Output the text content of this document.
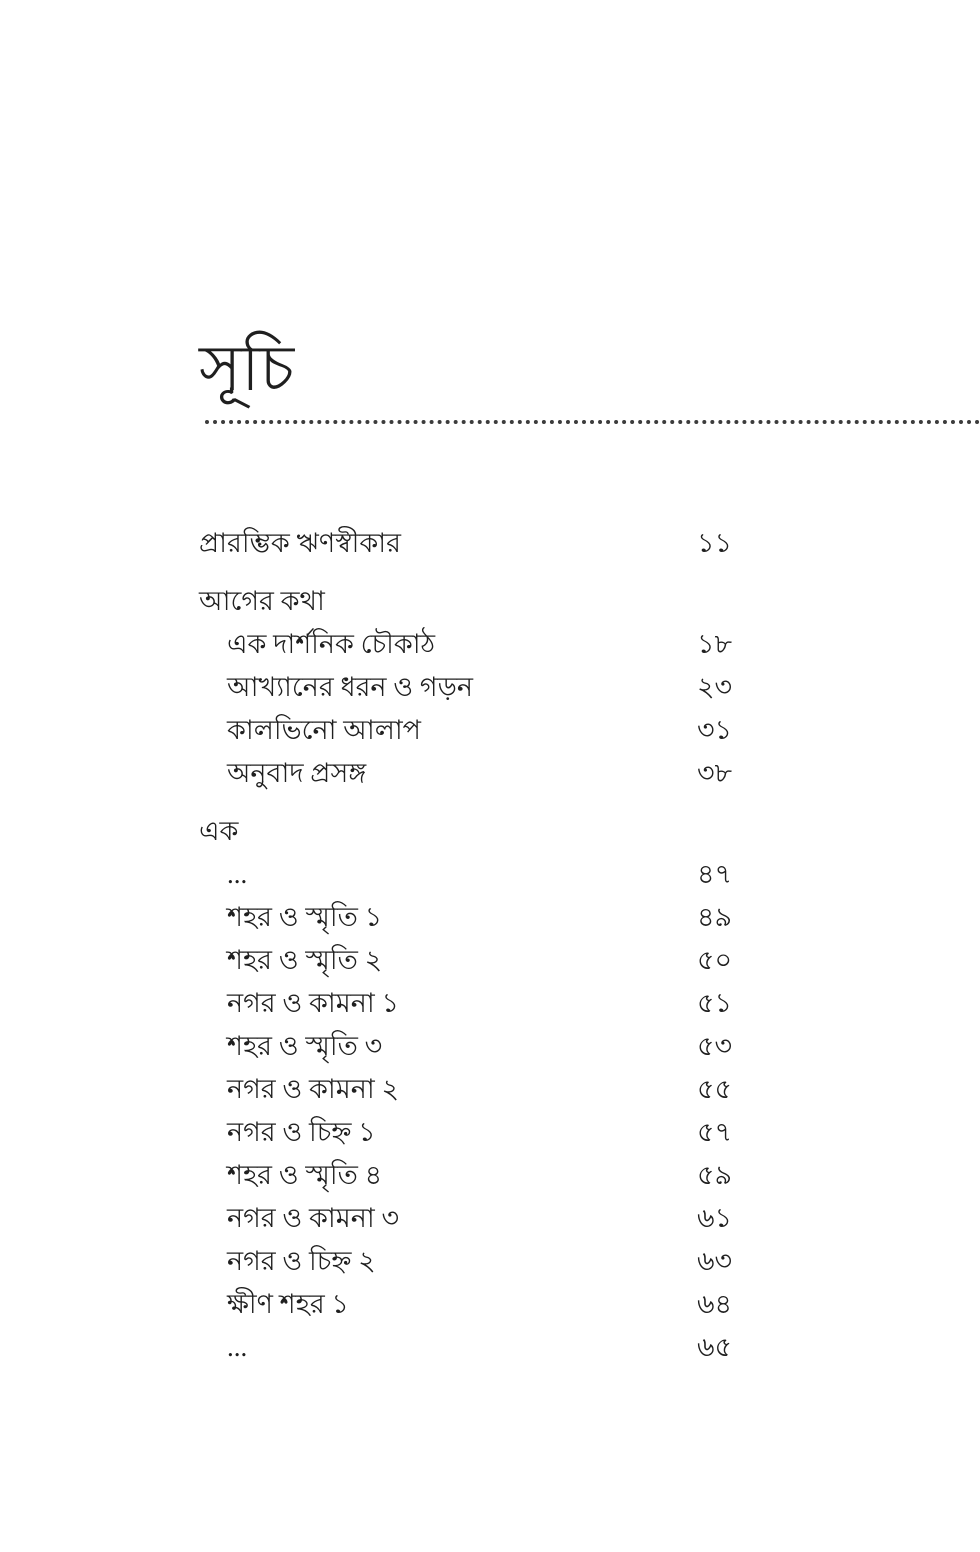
সূচি
প্রারম্ভিক ঋণস্বীকার	১১
আগের কথা
এক দার্শনিক চৌকাঠ	১৮
আখ্যানের ধরন ও গড়ন	২৩
কালভিনো আলাপ	৩১
অনুবাদ প্রসঙ্গ	৩৮
এক
...	৪৭
শহর ও স্মৃতি ১	৪৯
শহর ও স্মৃতি ২	৫০
নগর ও কামনা ১	৫১
শহর ও স্মৃতি ৩	৫৩
নগর ও কামনা ২	৫৫
নগর ও চিহ্ন ১	৫৭
শহর ও স্মৃতি ৪	৫৯
নগর ও কামনা ৩	৬১
নগর ও চিহ্ন ২	৬৩
ক্ষীণ শহর ১	৬৪
...	৬৫
